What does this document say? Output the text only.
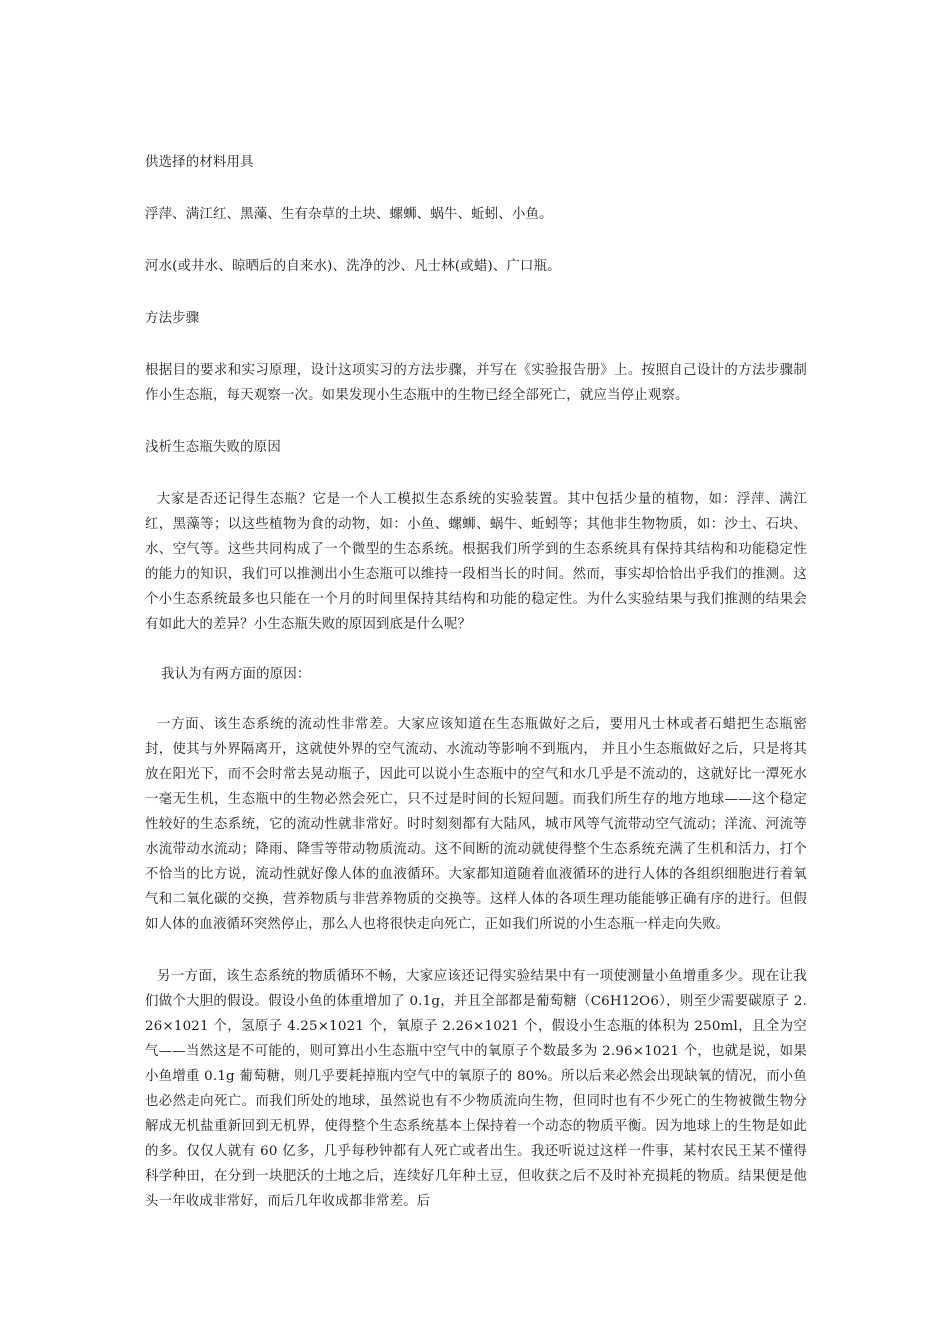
供选择的材料用具

浮萍、满江红、黑藻、生有杂草的土块、螺蛳、蜗牛、蚯蚓、小鱼。

河水(或井水、晾晒后的自来水)、洗净的沙、凡士林(或蜡)、广口瓶。

方法步骤

根据目的要求和实习原理，设计这项实习的方法步骤，并写在《实验报告册》上。按照自己设计的方法步骤制作小生态瓶，每天观察一次。如果发现小生态瓶中的生物已经全部死亡，就应当停止观察。

浅析生态瓶失败的原因

大家是否还记得生态瓶？它是一个人工模拟生态系统的实验装置。其中包括少量的植物，如：浮萍、满江红，黑藻等；以这些植物为食的动物，如：小鱼、螺蛳、蜗牛、蚯蚓等；其他非生物物质，如：沙土、石块、水、空气等。这些共同构成了一个微型的生态系统。根据我们所学到的生态系统具有保持其结构和功能稳定性的能力的知识，我们可以推测出小生态瓶可以维持一段相当长的时间。然而，事实却恰恰出乎我们的推测。这个小生态系统最多也只能在一个月的时间里保持其结构和功能的稳定性。为什么实验结果与我们推测的结果会有如此大的差异？小生态瓶失败的原因到底是什么呢？

我认为有两方面的原因：

一方面、该生态系统的流动性非常差。大家应该知道在生态瓶做好之后，要用凡士林或者石蜡把生态瓶密封，使其与外界隔离开，这就使外界的空气流动、水流动等影响不到瓶内， 并且小生态瓶做好之后，只是将其放在阳光下，而不会时常去晃动瓶子，因此可以说小生态瓶中的空气和水几乎是不流动的，这就好比一潭死水一毫无生机，生态瓶中的生物必然会死亡，只不过是时间的长短问题。而我们所生存的地方地球——这个稳定性较好的生态系统，它的流动性就非常好。时时刻刻都有大陆风，城市风等气流带动空气流动；洋流、河流等水流带动水流动；降雨、降雪等带动物质流动。这不间断的流动就使得整个生态系统充满了生机和活力，打个不恰当的比方说，流动性就好像人体的血液循环。大家都知道随着血液循环的进行人体的各组织细胞进行着氧气和二氧化碳的交换，营养物质与非营养物质的交换等。这样人体的各项生理功能能够正确有序的进行。但假如人体的血液循环突然停止，那么人也将很快走向死亡，正如我们所说的小生态瓶一样走向失败。

另一方面，该生态系统的物质循环不畅，大家应该还记得实验结果中有一项使测量小鱼增重多少。现在让我们做个大胆的假设。假设小鱼的体重增加了 0.1g，并且全部都是葡萄糖（C6H12O6），则至少需要碳原子 2.26×1021 个，氢原子 4.25×1021 个，氧原子 2.26×1021 个，假设小生态瓶的体积为 250ml，且全为空气——当然这是不可能的，则可算出小生态瓶中空气中的氧原子个数最多为 2.96×1021 个，也就是说，如果小鱼增重 0.1g 葡萄糖，则几乎要耗掉瓶内空气中的氧原子的 80%。所以后来必然会出现缺氧的情况，而小鱼也必然走向死亡。而我们所处的地球，虽然说也有不少物质流向生物，但同时也有不少死亡的生物被微生物分解成无机盐重新回到无机界，使得整个生态系统基本上保持着一个动态的物质平衡。因为地球上的生物是如此的多。仅仅人就有 60 亿多，几乎每秒钟都有人死亡或者出生。我还听说过这样一件事，某村农民王某不懂得科学种田，在分到一块肥沃的土地之后，连续好几年种土豆，但收获之后不及时补充损耗的物质。结果便是他头一年收成非常好，而后几年收成都非常差。后
